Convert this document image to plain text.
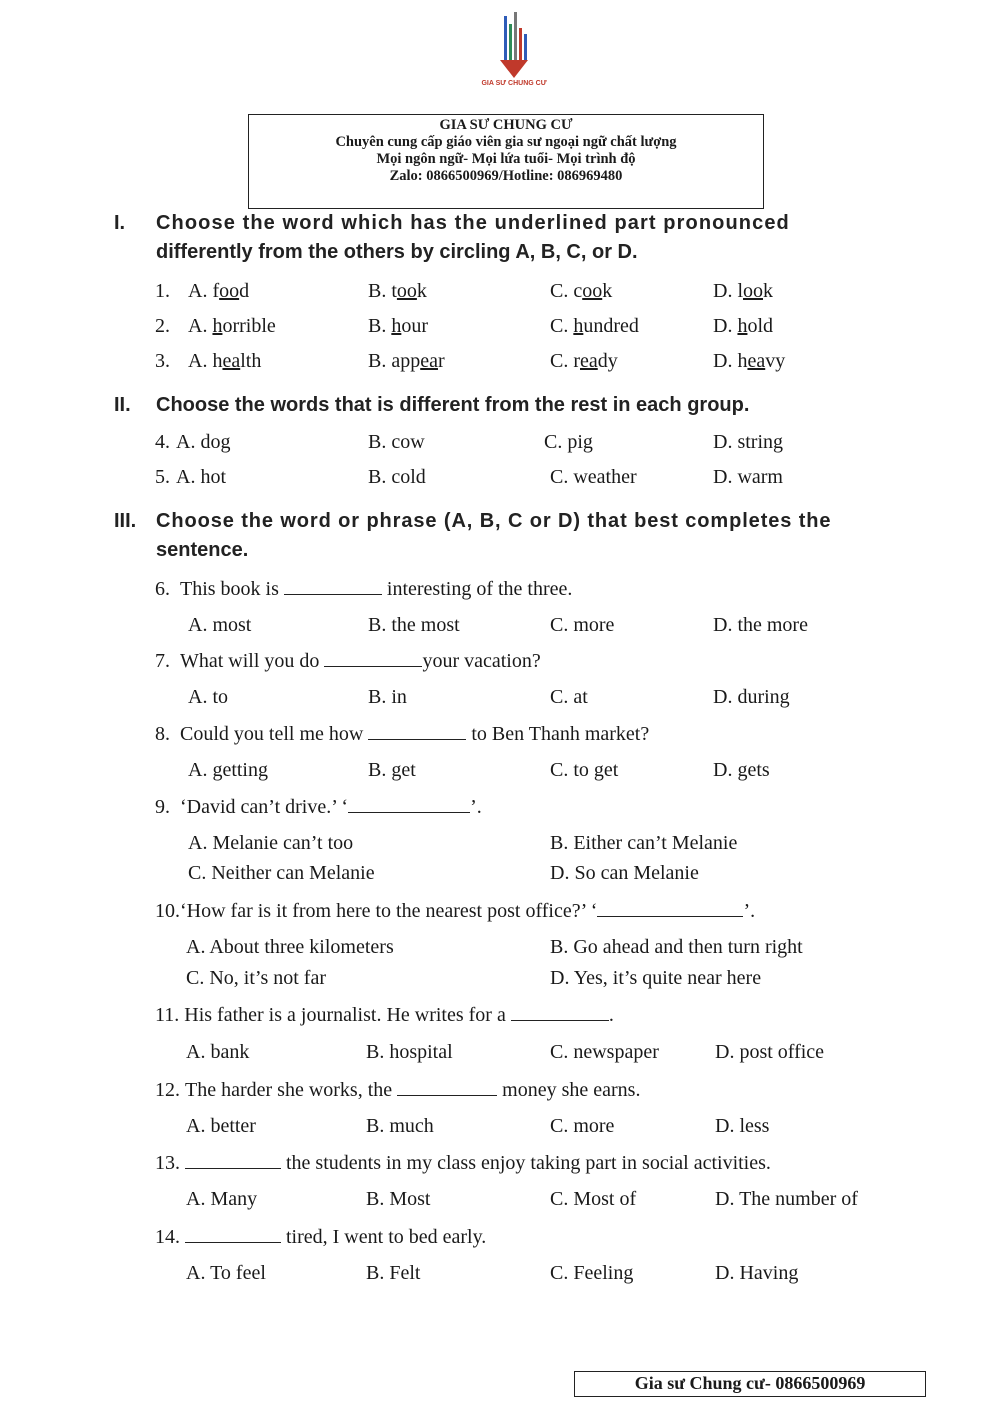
GIA SƯ CHUNG CƯ
GIA SƯ CHUNG CƯ
Chuyên cung cấp giáo viên gia sư ngoại ngữ chất lượng
Mọi ngôn ngữ- Mọi lứa tuổi- Mọi trình độ
Zalo: 0866500969/Hotline: 086969480
I. Choose the word which has the underlined part pronounced
differently from the others by circling A, B, C, or D.
1. A. food	B. took	C. cook	D. look
2. A. horrible	B. hour	C. hundred	D. hold
3. A. health	B. appear	C. ready	D. heavy
II. Choose the words that is different from the rest in each group.
4. A. dog	B. cow	C. pig	D. string
5. A. hot	B. cold	C. weather	D. warm
III. Choose the word or phrase (A, B, C or D) that best completes the
sentence.
6. This book is	interesting of the three.
A. most	B. the most	C. more	D. the more
7. What will you do	your vacation?
A. to	B. in	C. at	D. during
8. Could you tell me how	to Ben Thanh market?
A. getting	B. get	C. to get	D. gets
9. ‘David can’t drive.’ ‘	’.
A. Melanie can’t too	B. Either can’t Melanie
C. Neither can Melanie	D. So can Melanie
10.‘How far is it from here to the nearest post office?’ ‘	’.
A. About three kilometers	B. Go ahead and then turn right
C. No, it’s not far	D. Yes, it’s quite near here
11. His father is a journalist. He writes for a	.
A. bank	B. hospital	C. newspaper	D. post office
12. The harder she works, the	money she earns.
A. better	B. much	C. more	D. less
13.	the students in my class enjoy taking part in social activities.
A. Many	B. Most	C. Most of	D. The number of
14.	tired, I went to bed early.
A. To feel	B. Felt	C. Feeling	D. Having
Gia sư Chung cư- 0866500969
